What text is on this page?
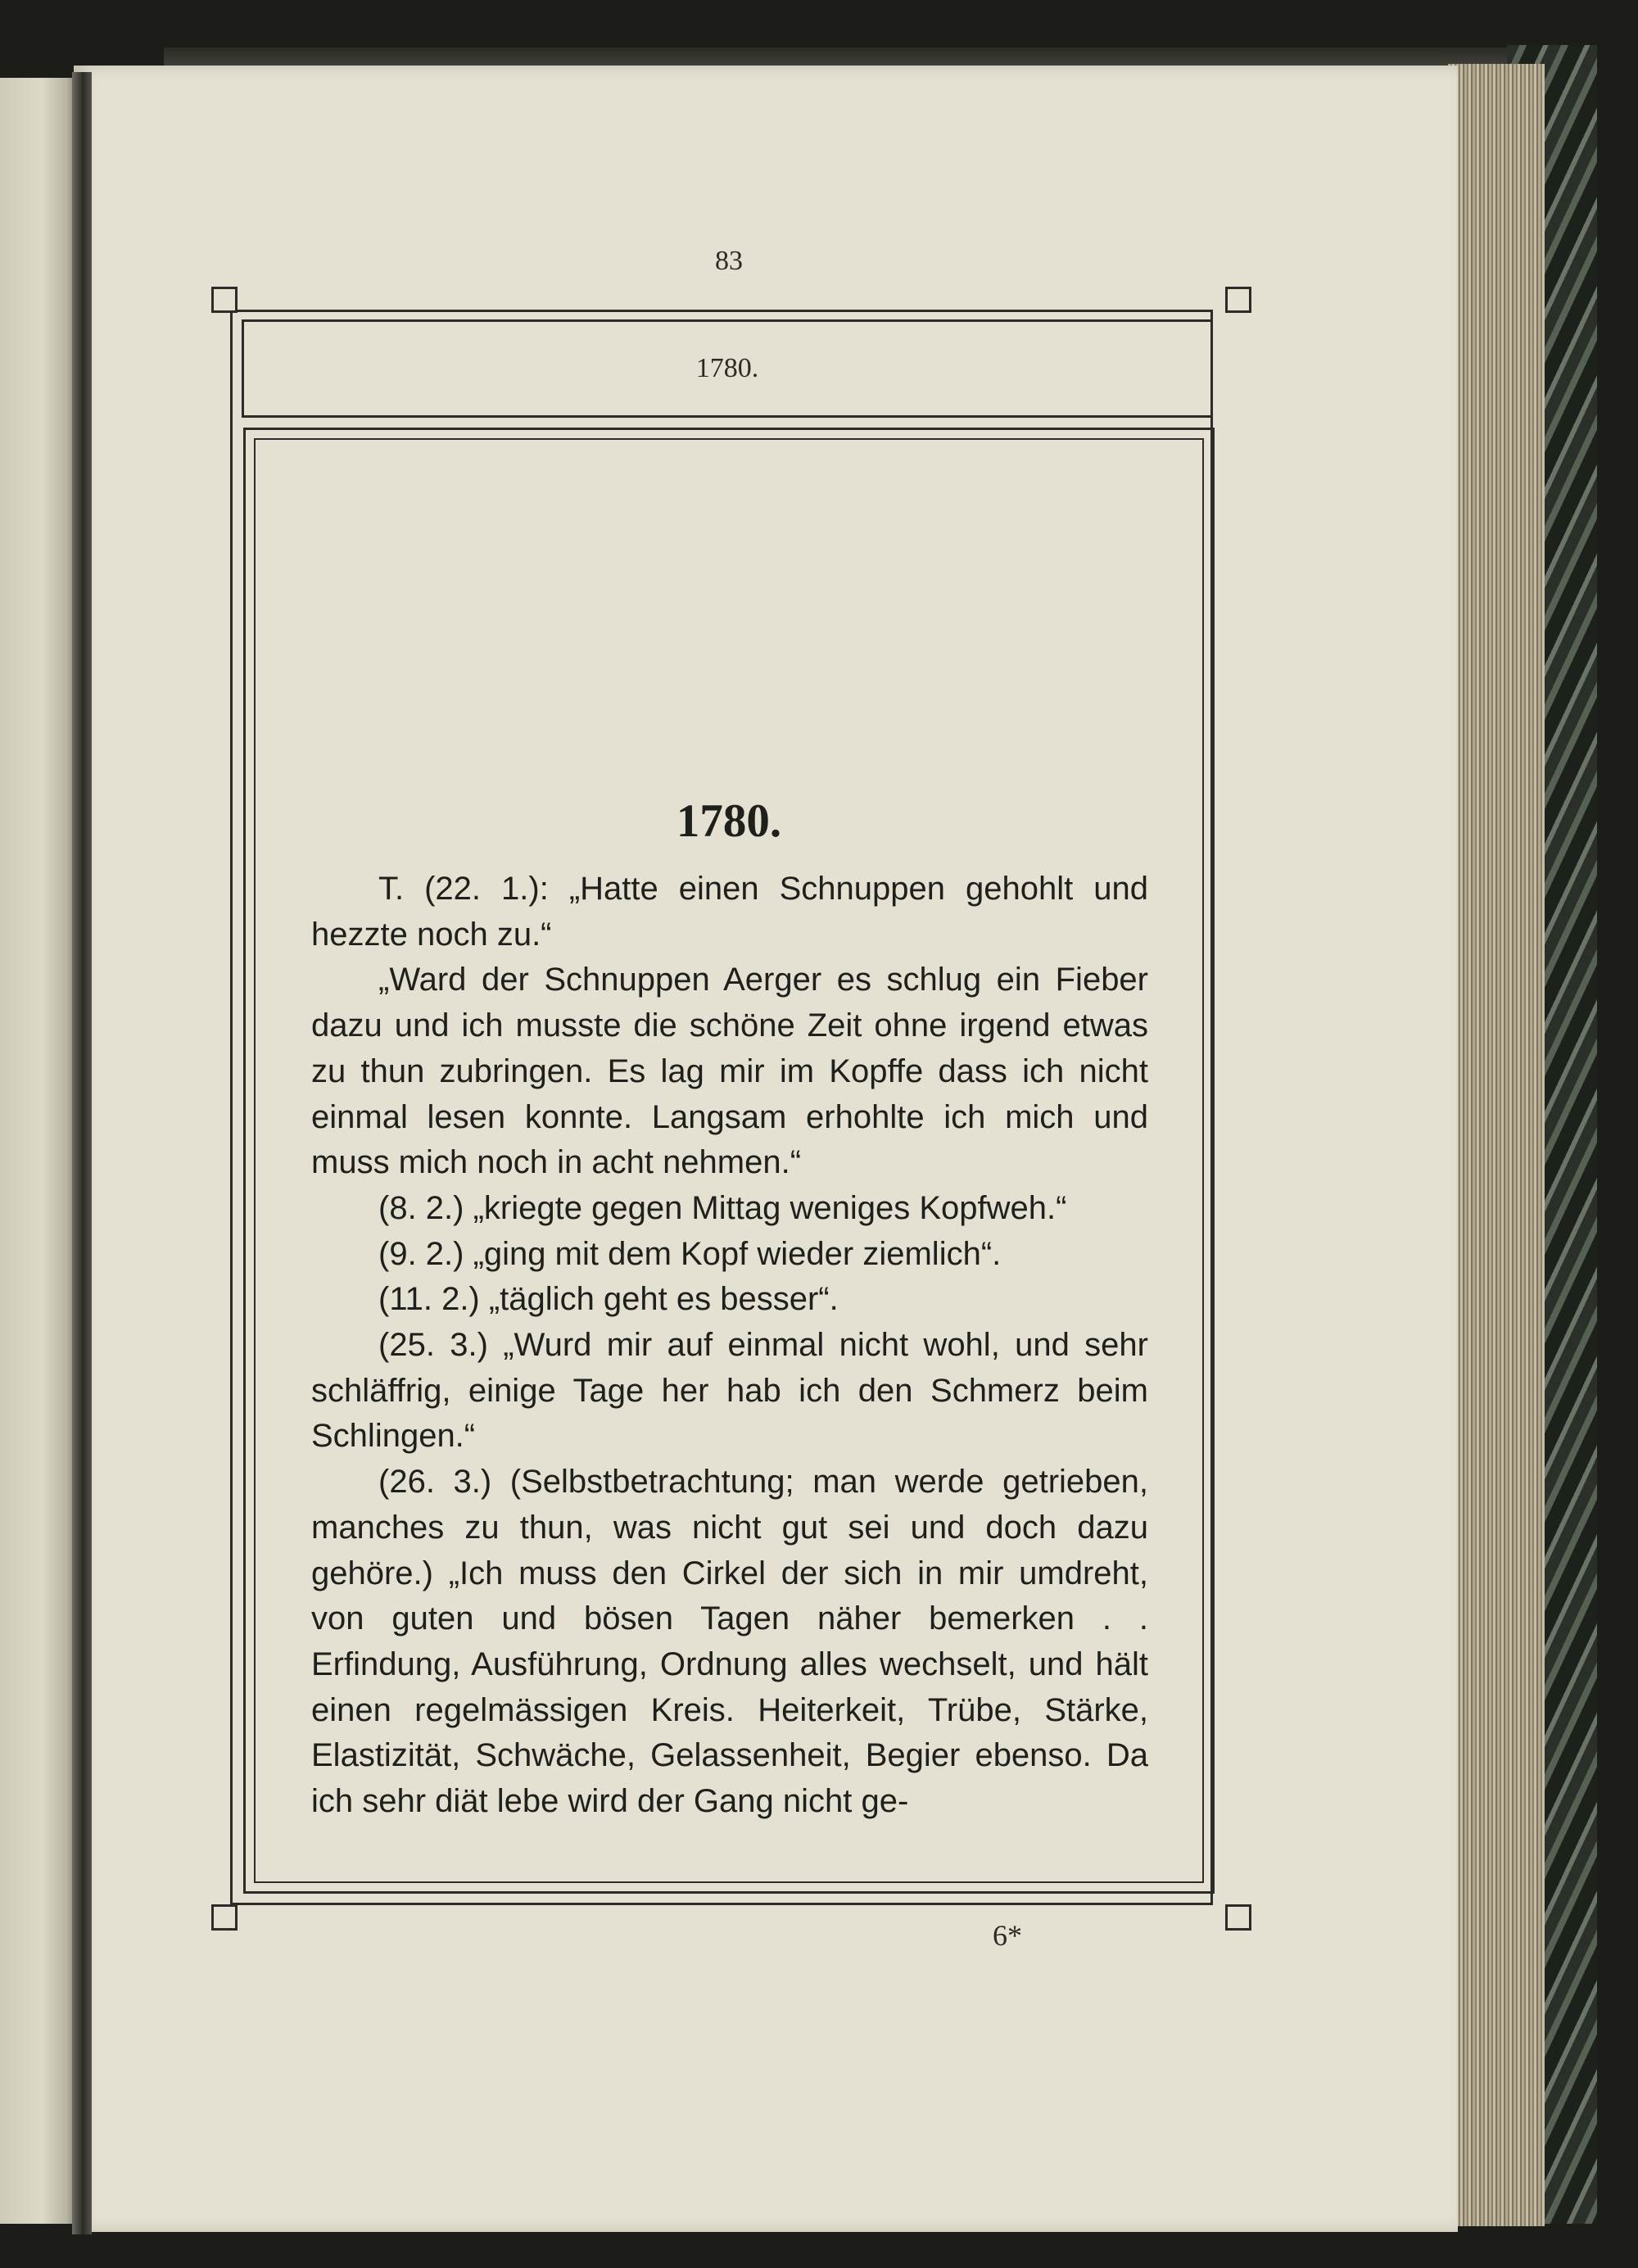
83
1780.
1780.

T. (22. 1.): „Hatte einen Schnuppen gehohlt und hezzte noch zu.“

„Ward der Schnuppen Aerger es schlug ein Fieber dazu und ich musste die schöne Zeit ohne irgend etwas zu thun zubringen. Es lag mir im Kopffe dass ich nicht einmal lesen konnte. Langsam erhohlte ich mich und muss mich noch in acht nehmen.“

(8. 2.) „kriegte gegen Mittag weniges Kopfweh.“

(9. 2.) „ging mit dem Kopf wieder ziemlich“.

(11. 2.) „täglich geht es besser“.

(25. 3.) „Wurd mir auf einmal nicht wohl, und sehr schläffrig, einige Tage her hab ich den Schmerz beim Schlingen.“

(26. 3.) (Selbstbetrachtung; man werde getrieben, manches zu thun, was nicht gut sei und doch dazu gehöre.) „Ich muss den Cirkel der sich in mir umdreht, von guten und bösen Tagen näher bemerken . . Erfindung, Ausführung, Ordnung alles wechselt, und hält einen regelmässigen Kreis. Heiterkeit, Trübe, Stärke, Elastizität, Schwäche, Gelassenheit, Begier ebenso. Da ich sehr diät lebe wird der Gang nicht ge-

6*
